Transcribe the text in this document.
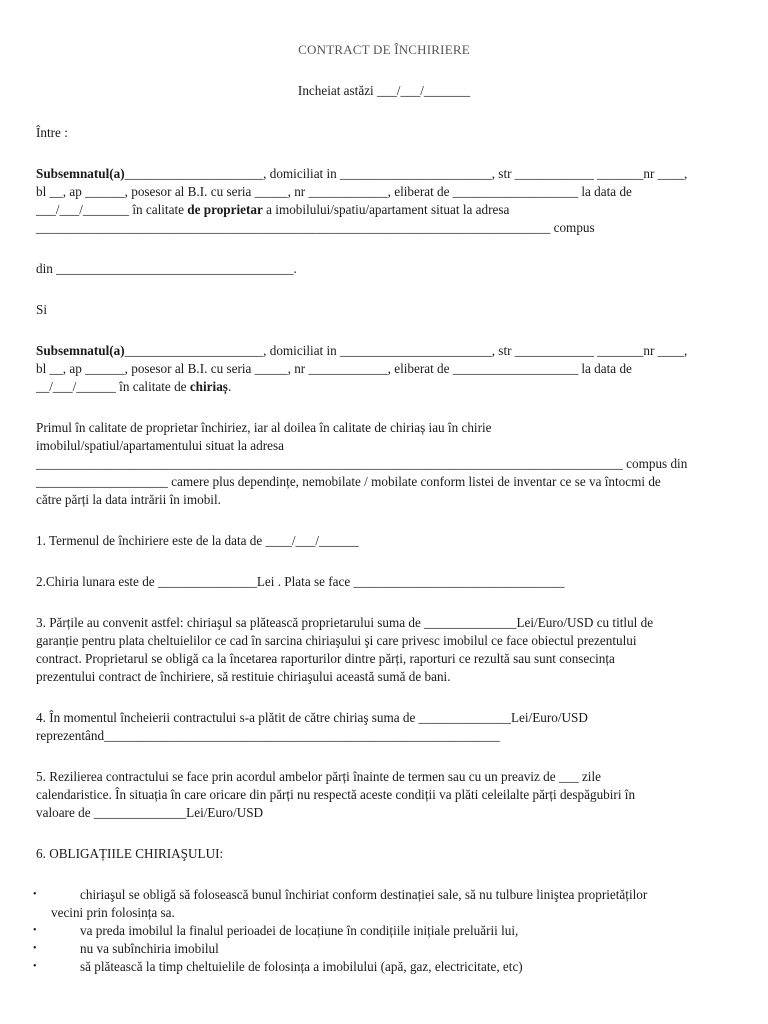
CONTRACT DE ÎNCHIRIERE
Incheiat astăzi ___/___/_______
Între :
Subsemnatul(a)_____________________, domiciliat in _______________________, str ____________ _______nr ____,
bl __, ap ______, posesor al B.I. cu seria _____, nr ____________, eliberat de ___________________ la data de
___/___/_______ în calitate de proprietar a imobilului/spatiu/apartament situat la adresa
______________________________________________________________________________ compus
din ____________________________________.
Si
Subsemnatul(a)_____________________, domiciliat in _______________________, str ____________ _______nr ____,
bl __, ap ______, posesor al B.I. cu seria _____, nr ____________, eliberat de ___________________ la data de
__/___/______ în calitate de chiriaș.
Primul în calitate de proprietar închiriez, iar al doilea în calitate de chiriaș iau în chirie
imobilul/spatiul/apartamentului situat la adresa
_________________________________________________________________________________________ compus din
____________________ camere plus dependințe, nemobilate / mobilate conform listei de inventar ce se va întocmi de
către părți la data intrării în imobil.
1. Termenul de închiriere este de la data de ____/___/______
2.Chiria lunara este de _______________Lei . Plata se face ________________________________
3. Părțile au convenit astfel: chiriaşul sa plătească proprietarului suma de ______________Lei/Euro/USD cu titlul de
garanție pentru plata cheltuielilor ce cad în sarcina chiriaşului şi care privesc imobilul ce face obiectul prezentului
contract. Proprietarul se obligă ca la încetarea raporturilor dintre părți, raporturi ce rezultă sau sunt consecința
prezentului contract de închiriere, să restituie chiriaşului această sumă de bani.
4. În momentul încheierii contractului s-a plătit de către chiriaş suma de ______________Lei/Euro/USD
reprezentând____________________________________________________________
5. Rezilierea contractului se face prin acordul ambelor părți înainte de termen sau cu un preaviz de ___ zile
calendaristice. În situația în care oricare din părți nu respectă aceste condiții va plăti celeilalte părți despăgubiri în
valoare de ______________Lei/Euro/USD
6. OBLIGAȚIILE CHIRIAŞULUI:
•	chiriaşul se obligă să folosească bunul închiriat conform destinației sale, să nu tulbure liniştea proprietăților
vecini prin folosința sa.
•	va preda imobilul la finalul perioadei de locațiune în condițiile inițiale preluării lui,
•	nu va subînchiria imobilul
•	să plătească la timp cheltuielile de folosința a imobilului (apă, gaz, electricitate, etc)
